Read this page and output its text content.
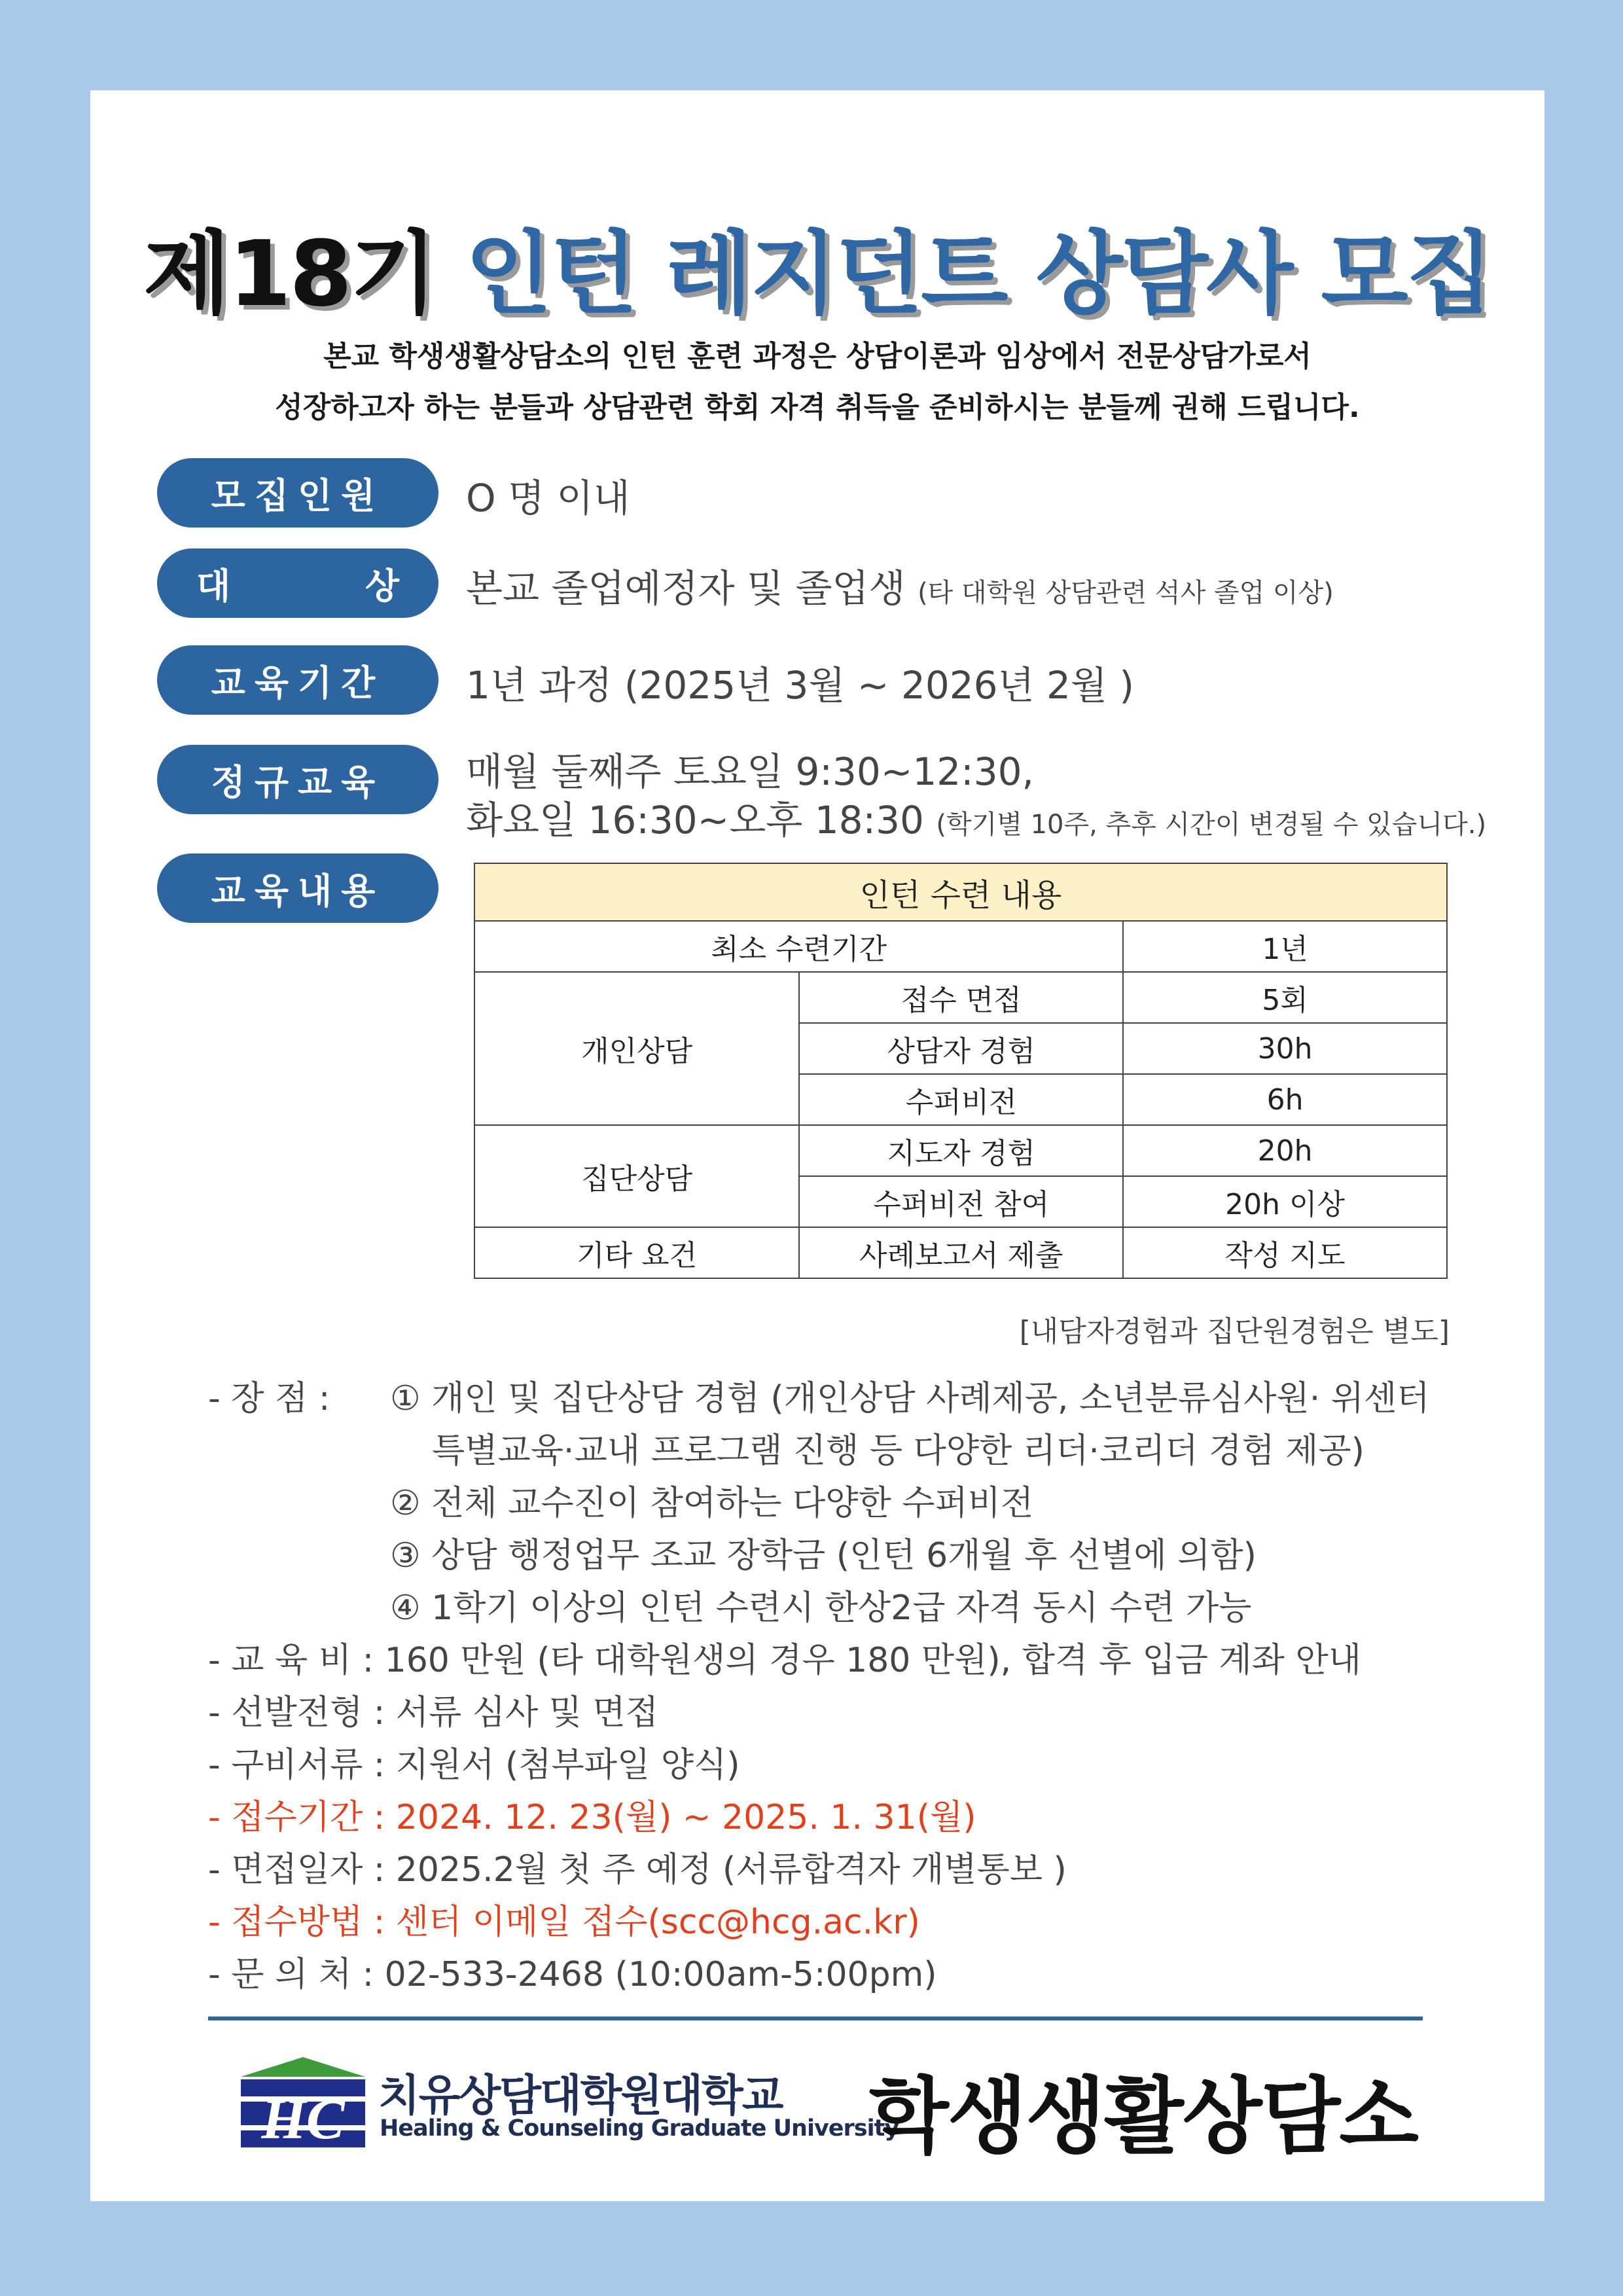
제18기 인턴 레지던트 상담사 모집
본교 학생생활상담소의 인턴 훈련 과정은 상담이론과 임상에서 전문상담가로서
성장하고자 하는 분들과 상담관련 학회 자격 취득을 준비하시는 분들께 권해 드립니다.
모집인원	O 명 이내
대	상 본교 졸업예정자 및 졸업생 (타 대학원 상담관련 석사 졸업 이상)
교육기간	1년 과정 (2025년 3월 ~ 2026년 2월 )
정규교육	매월 둘째주 토요일 9:30~12:30,
화요일 16:30~오후 18:30 (학기별 10주, 추후 시간이 변경될 수 있습니다.)
교육내용	인턴 수련 내용		
최소 수련기간		1년
개인상담	접수 면접	5회
	상담자 경험	30h
	수퍼비전	6h
집단상담	지도자 경험	20h
	수퍼비전 참여	20h 이상
기타 요건	사례보고서 제출	작성 지도
[내담자경험과 집단원경험은 별도]
- 장 점 : ① 개인 및 집단상담 경험 (개인상담 사례제공, 소년분류심사원· 위센터
특별교육·교내 프로그램 진행 등 다양한 리더·코리더 경험 제공)
② 전체 교수진이 참여하는 다양한 수퍼비전
③ 상담 행정업무 조교 장학금 (인턴 6개월 후 선별에 의함)
④ 1학기 이상의 인턴 수련시 한상2급 자격 동시 수련 가능
- 교 육 비 : 160 만원 (타 대학원생의 경우 180 만원), 합격 후 입금 계좌 안내
- 선발전형 : 서류 심사 및 면접
- 구비서류 : 지원서 (첨부파일 양식)
- 접수기간 : 2024. 12. 23(월) ~ 2025. 1. 31(월)
- 면접일자 : 2025.2월 첫 주 예정 (서류합격자 개별통보 )
- 접수방법 : 센터 이메일 접수(scc@hcg.ac.kr)
- 문 의 처 : 02-533-2468 (10:00am-5:00pm)
HC 치유상담대학원대학교
Healing & Counseling Graduate University
학생생활상담소
